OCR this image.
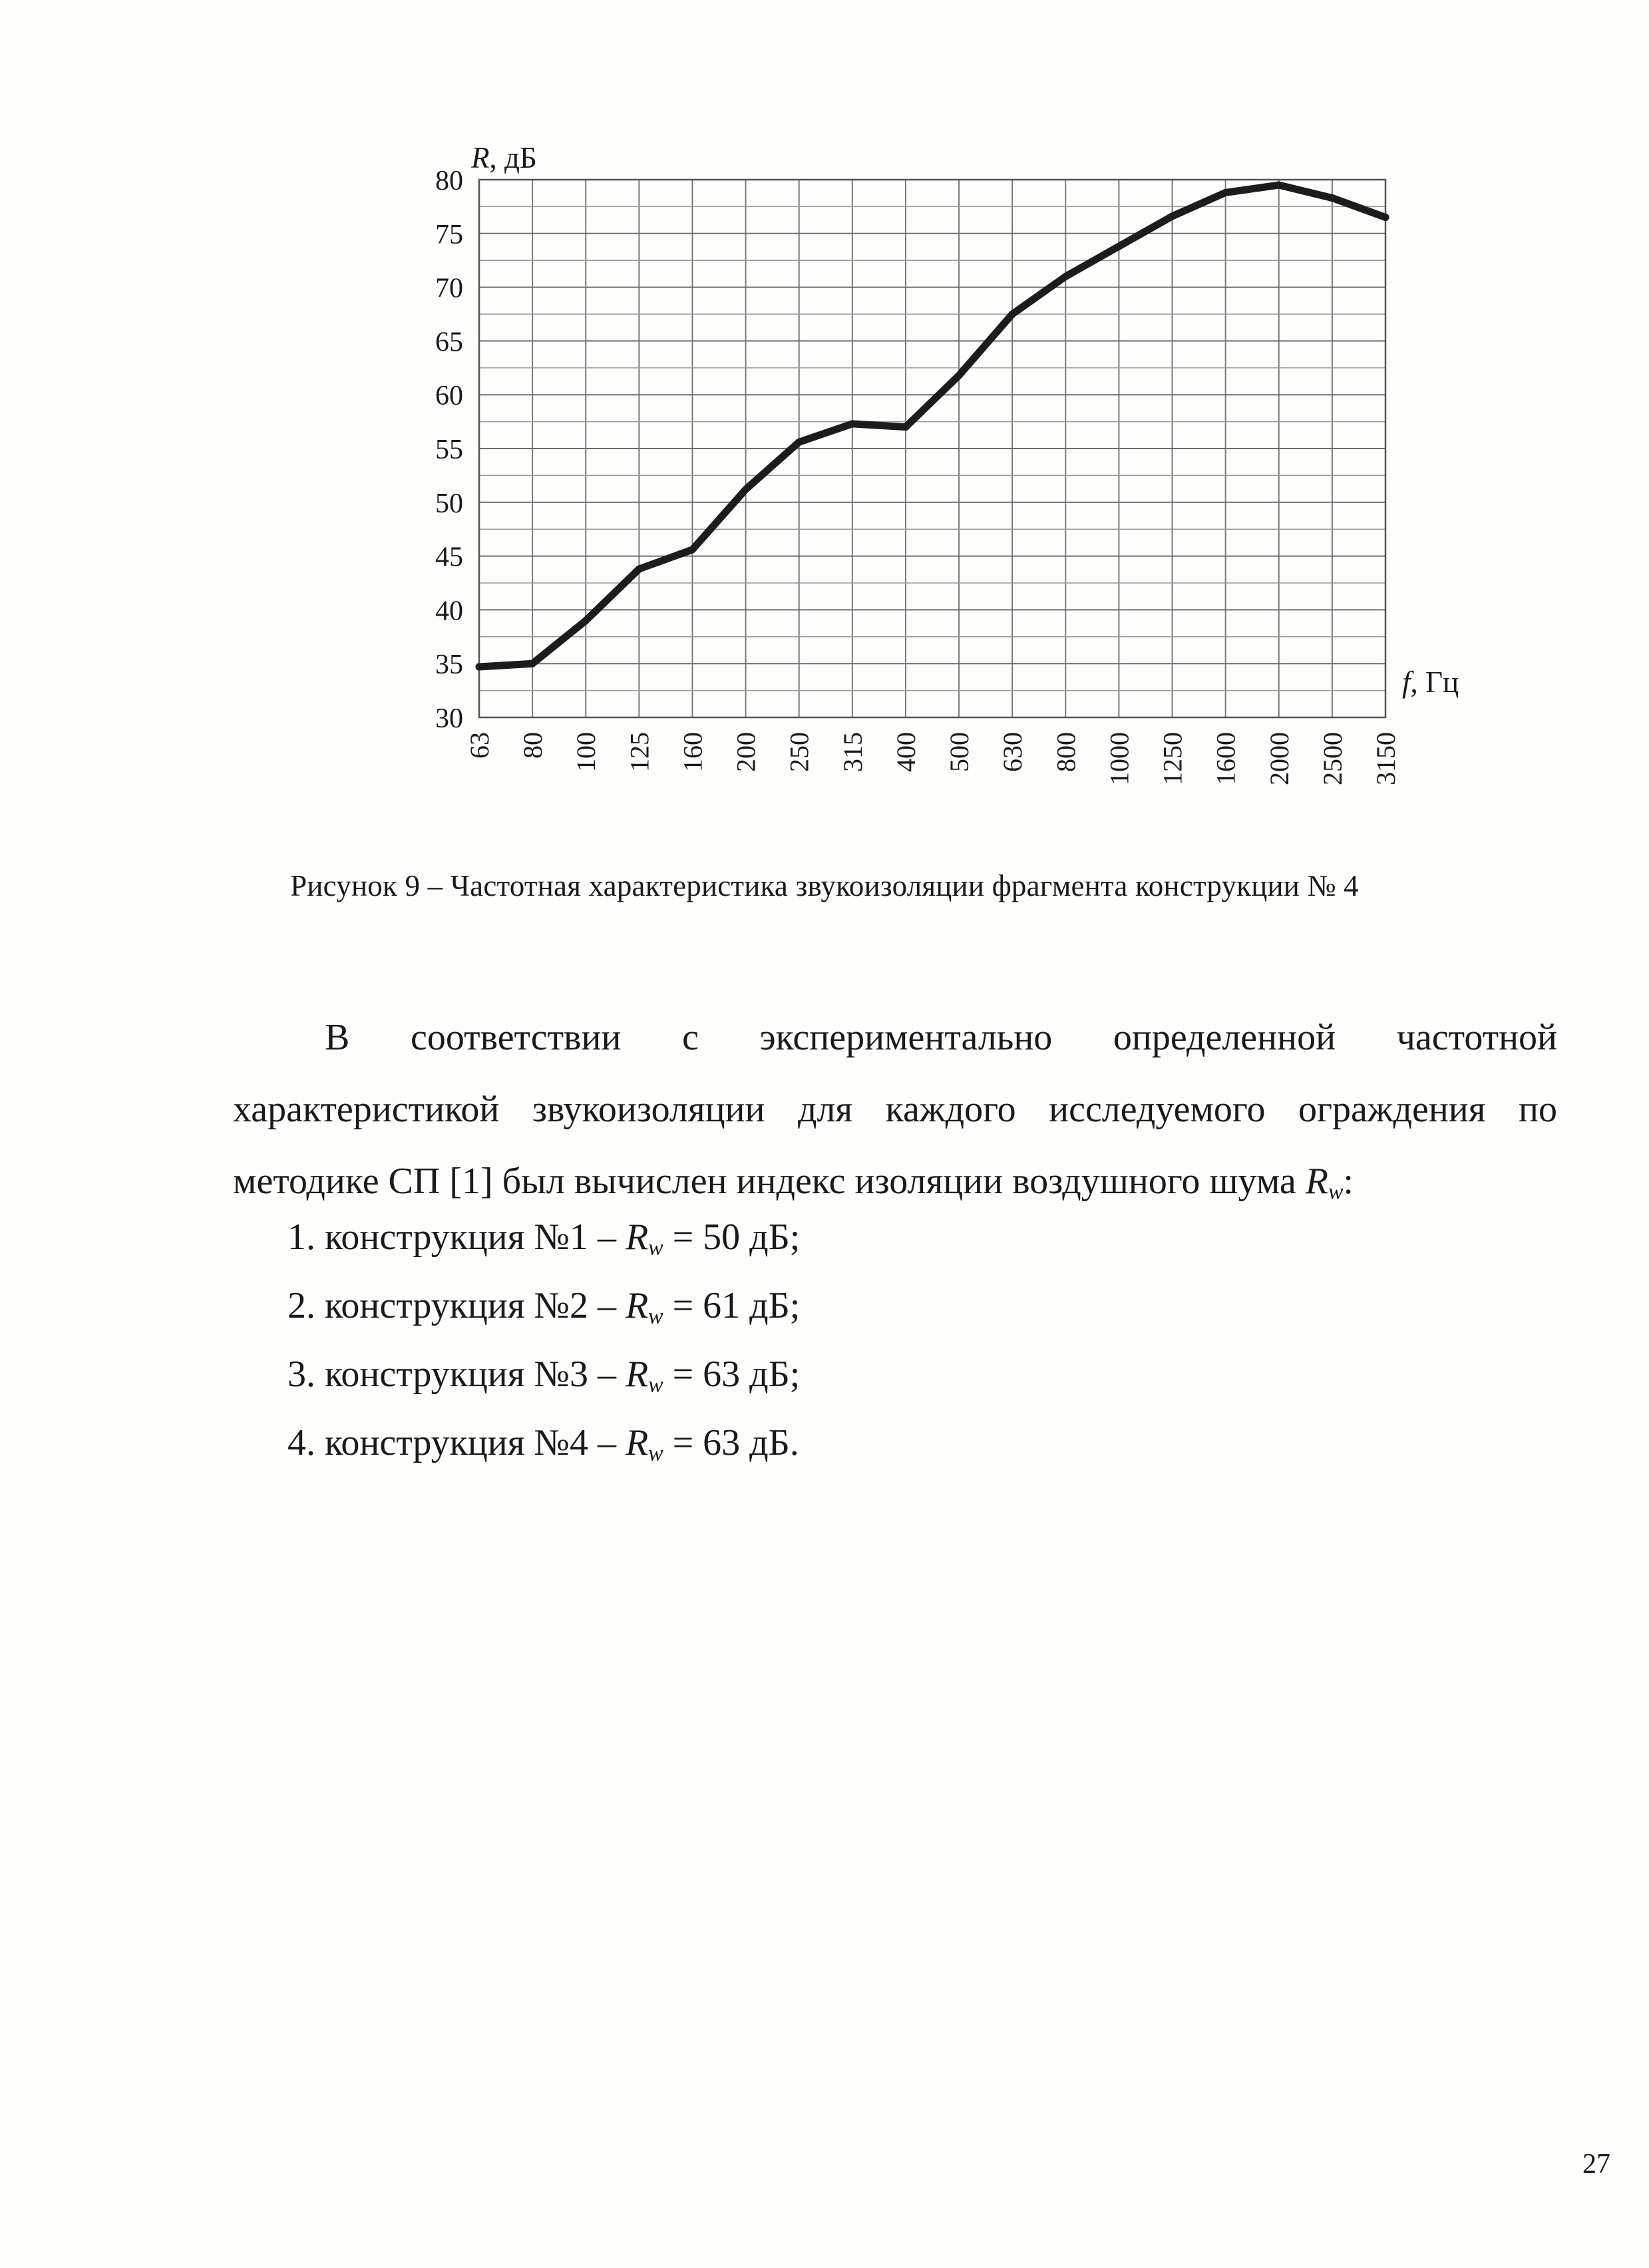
30
35
40
45
50
55
60
65
70
75
80
63 80 100 125 160 200 250 315 400 500 630 800 1000 1250 1600 2000 2500 3150
R, дБ
f, Гц
Рисунок 9 – Частотная характеристика звукоизоляции фрагмента конструкции № 4

В соответствии с экспериментально определенной частотной характеристикой звукоизоляции для каждого исследуемого ограждения по методике СП [1] был вычислен индекс изоляции воздушного шума $R_w$:

1. конструкция №1 – $R_w = 50$ дБ;
2. конструкция №2 – $R_w = 61$ дБ;
3. конструкция №3 – $R_w = 63$ дБ;
4. конструкция №4 – $R_w = 63$ дБ.
27
